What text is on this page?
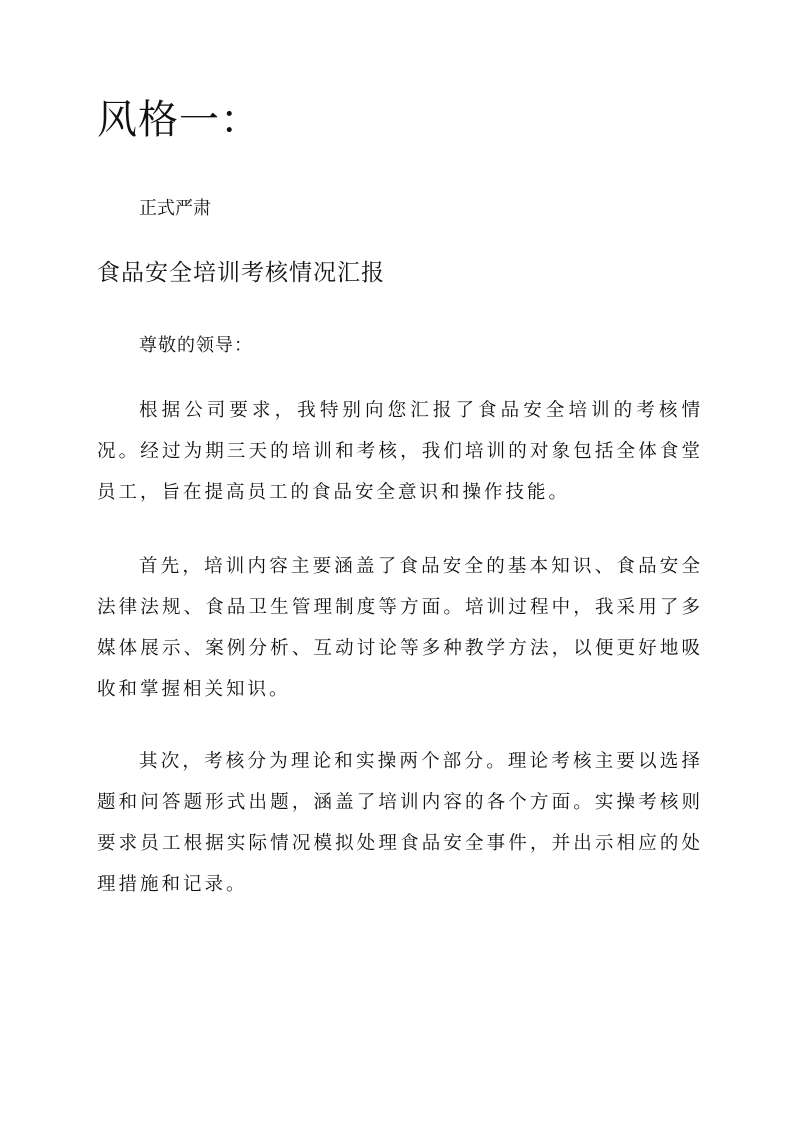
风格一：
正式严肃
食品安全培训考核情况汇报
尊敬的领导：

根据公司要求，我特别向您汇报了食品安全培训的考核情况。经过为期三天的培训和考核，我们培训的对象包括全体食堂员工，旨在提高员工的食品安全意识和操作技能。

首先，培训内容主要涵盖了食品安全的基本知识、食品安全法律法规、食品卫生管理制度等方面。培训过程中，我采用了多媒体展示、案例分析、互动讨论等多种教学方法，以便更好地吸收和掌握相关知识。

其次，考核分为理论和实操两个部分。理论考核主要以选择题和问答题形式出题，涵盖了培训内容的各个方面。实操考核则要求员工根据实际情况模拟处理食品安全事件，并出示相应的处理措施和记录。
